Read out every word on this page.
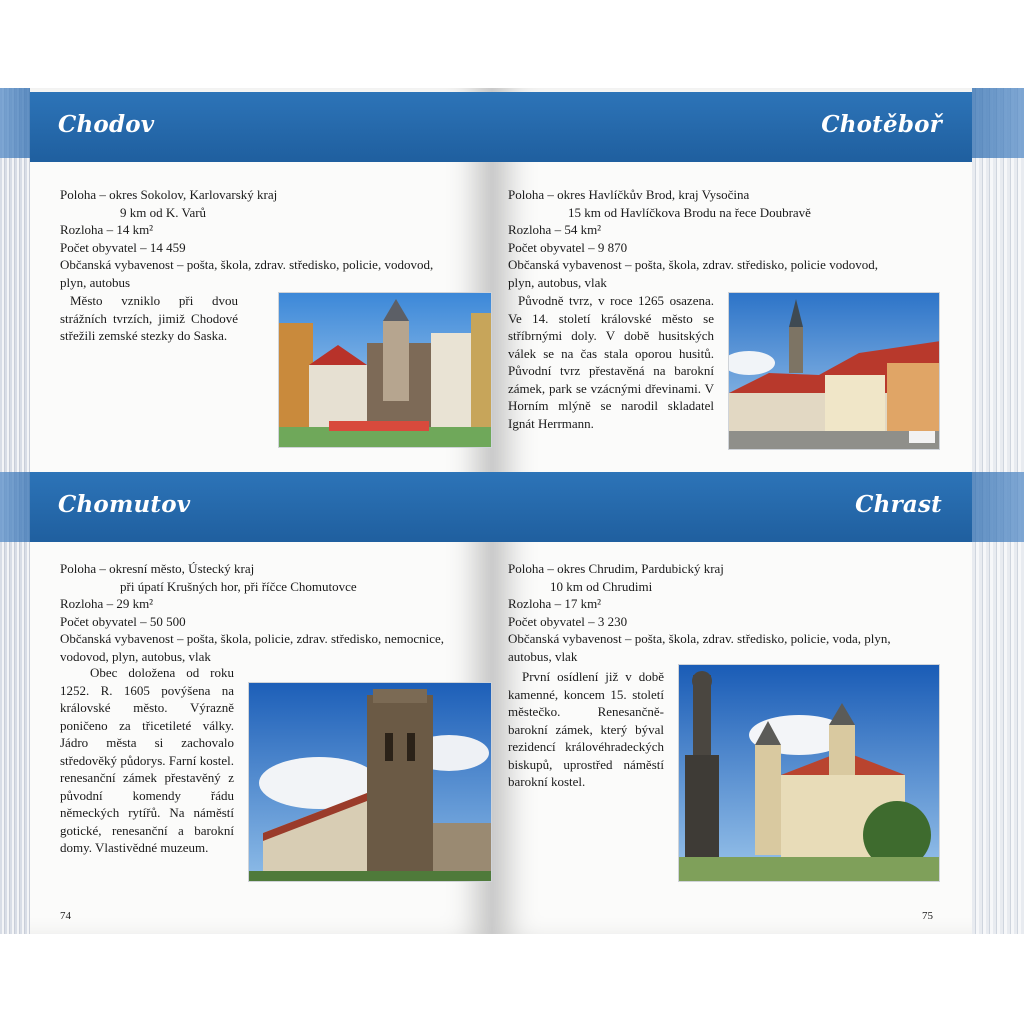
Chodov
Poloha – okres Sokolov, Karlovarský kraj
9 km od K. Varů
Rozloha – 14 km²
Počet obyvatel – 14 459
Občanská vybavenost – pošta, škola, zdrav. středisko, policie, vodovod,
plyn, autobus
Město vzniklo při dvou strážních tvrzích, jimiž Chodové střežili zemské stezky do Saska.
Chomutov
Poloha – okresní město, Ústecký kraj
při úpatí Krušných hor, při říčce Chomutovce
Rozloha – 29 km²
Počet obyvatel – 50 500
Občanská vybavenost – pošta, škola, policie, zdrav. středisko, nemocnice,
vodovod, plyn, autobus, vlak
Obec doložena od roku 1252. R. 1605 povýšena na královské město. Výrazně poničeno za třicetileté války. Jádro města si zachovalo středověký půdorys. Farní kostel. renesanční zámek přestavěný z původní komendy řádu německých rytířů. Na náměstí gotické, renesanční a barokní domy. Vlastivědné muzeum.
74
Chotěboř
Poloha – okres Havlíčkův Brod, kraj Vysočina
15 km od Havlíčkova Brodu na řece Doubravě
Rozloha – 54 km²
Počet obyvatel – 9 870
Občanská vybavenost – pošta, škola, zdrav. středisko, policie vodovod,
plyn, autobus, vlak
Původně tvrz, v roce 1265 osazena. Ve 14. století královské město se stříbrnými doly. V době husitských válek se na čas stala oporou husitů. Původní tvrz přestavěná na barokní zámek, park se vzácnými dřevinami. V Horním mlýně se narodil skladatel Ignát Herrmann.
Chrast
Poloha – okres Chrudim, Pardubický kraj
10 km od Chrudimi
Rozloha – 17 km²
Počet obyvatel – 3 230
Občanská vybavenost – pošta, škola, zdrav. středisko, policie, voda, plyn,
autobus, vlak
První osídlení již v době kamenné, koncem 15. století městečko. Renesančně-barokní zámek, který býval rezidencí královéhradeckých biskupů, uprostřed náměstí barokní kostel.
75
